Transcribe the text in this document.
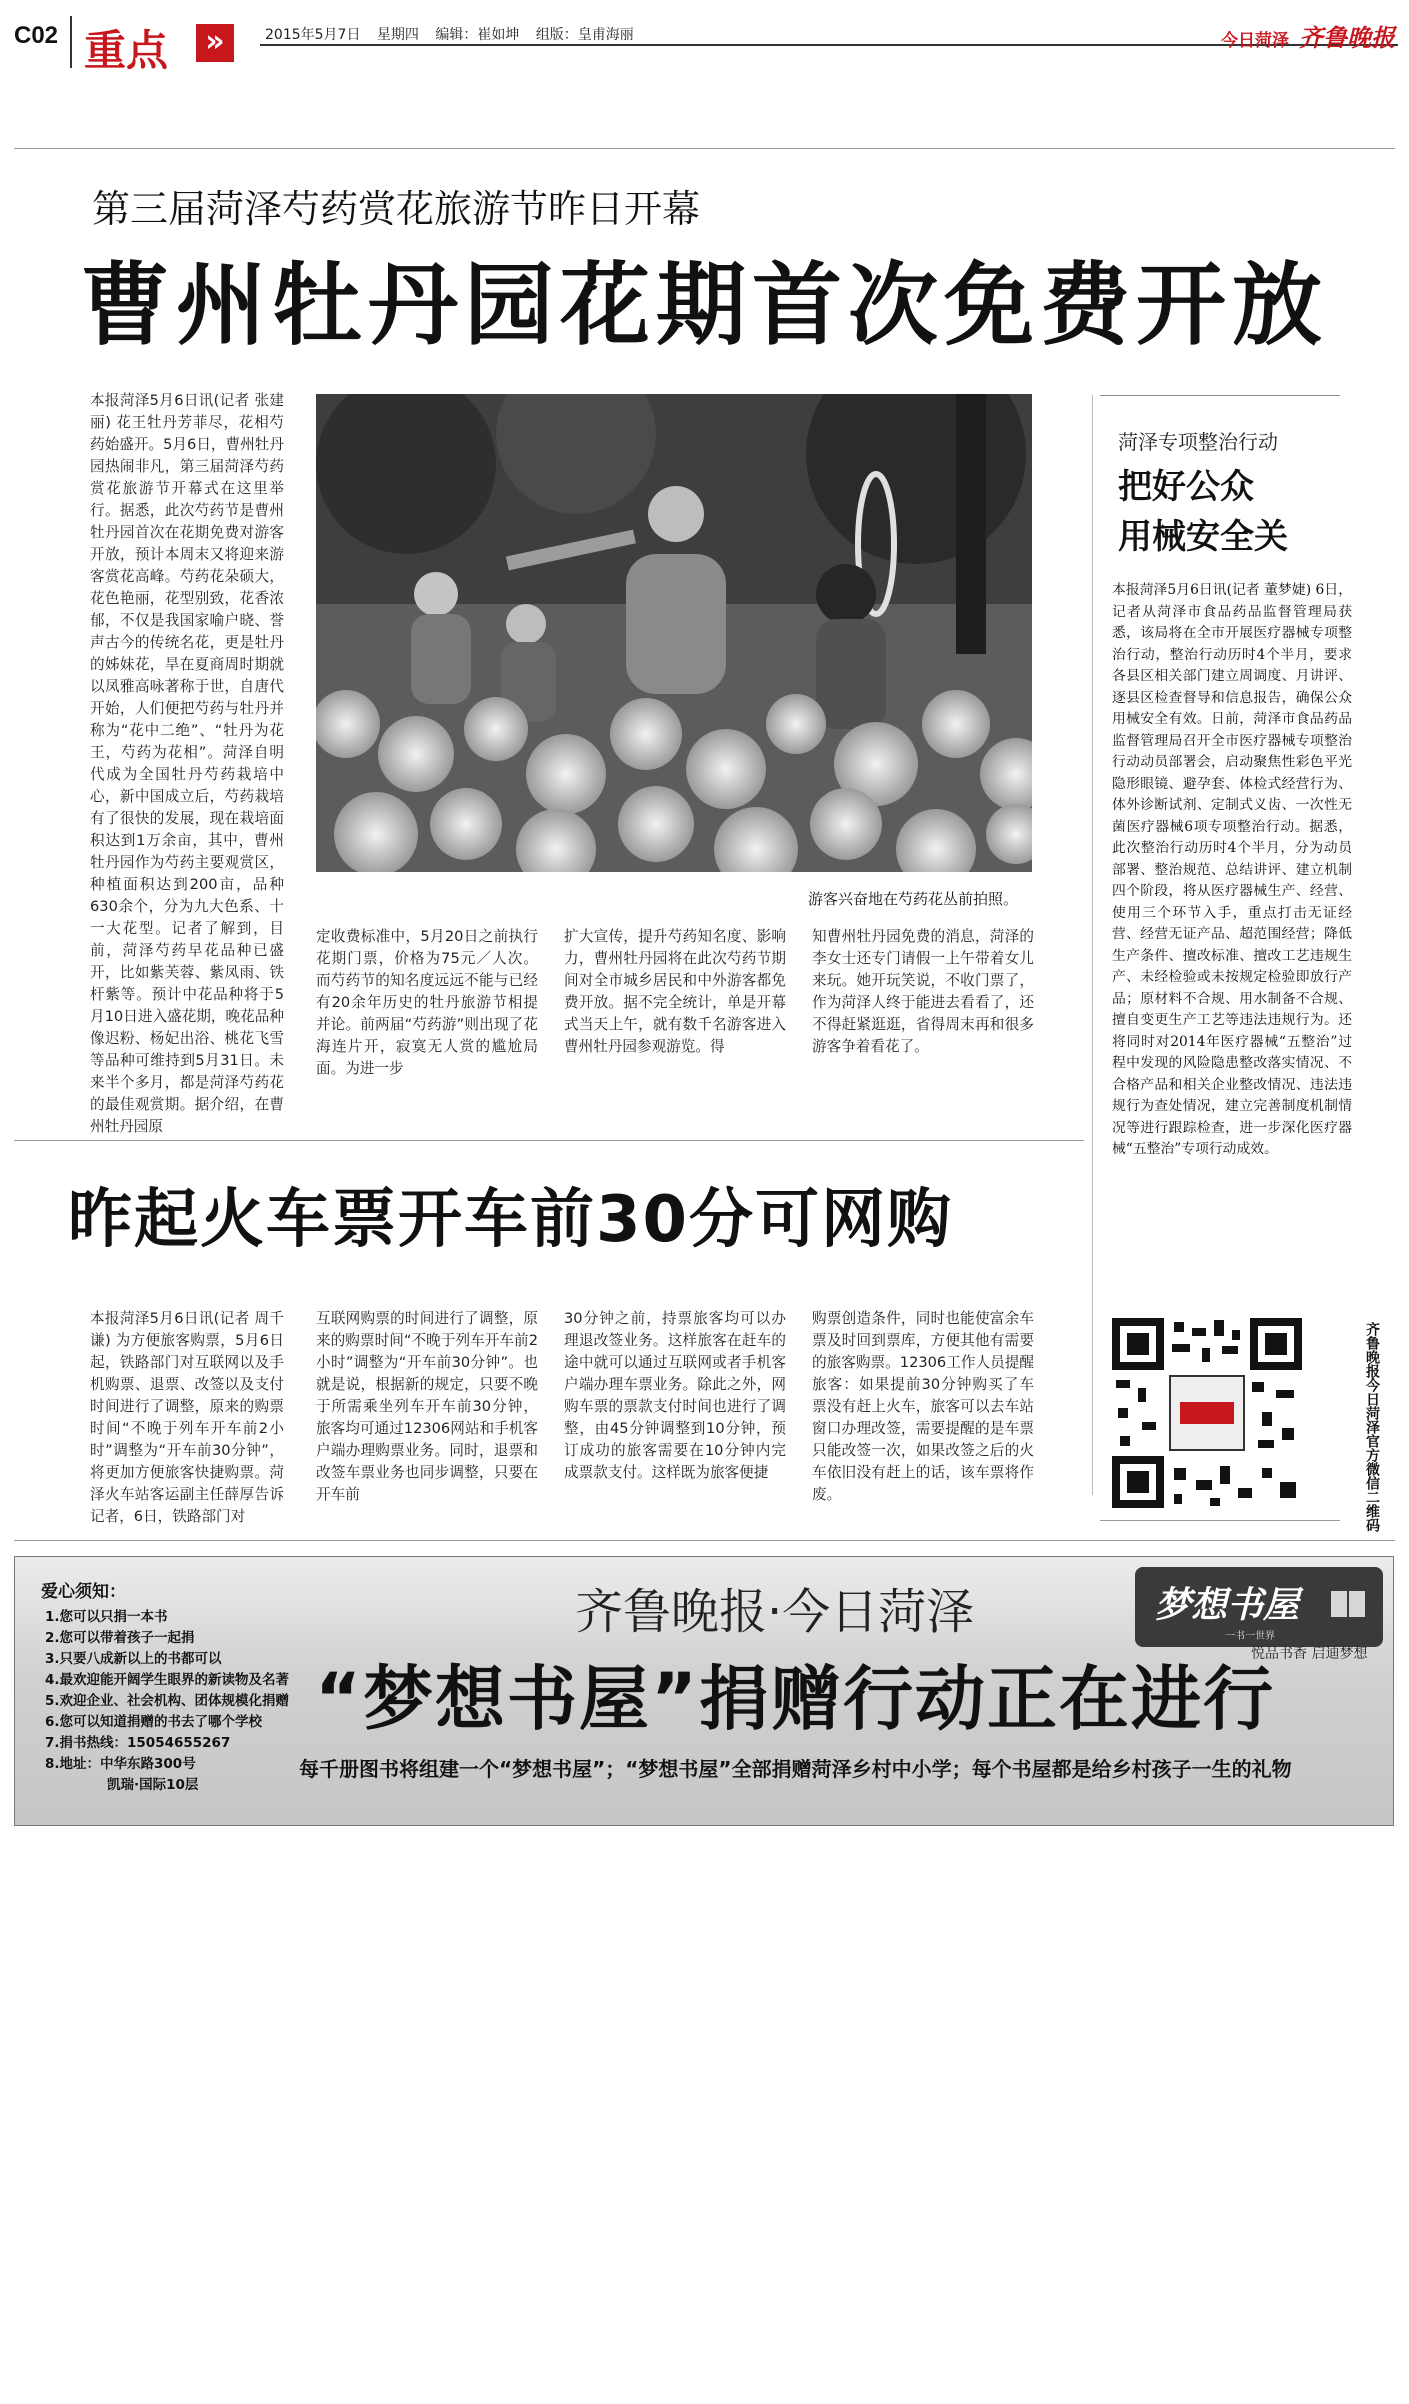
C02 重点	»	2015年5月7日 星期四 编辑：崔如坤 组版：皇甫海丽	今日菏泽 齐鲁晚报
第三届菏泽芍药赏花旅游节昨日开幕
曹州牡丹园花期首次免费开放
本报菏泽5月6日讯(记者 张建丽) 花王牡丹芳菲尽，花相芍药始盛开。5月6日，曹州牡丹园热闹非凡，第三届菏泽芍药赏花旅游节开幕式在这里举行。据悉，此次芍药节是曹州牡丹园首次在花期免费对游客开放，预计本周末又将迎来游客赏花高峰。芍药花朵硕大，花色艳丽，花型别致，花香浓郁，不仅是我国家喻户晓、誉声古今的传统名花，更是牡丹的姊妹花，旱在夏商周时期就以凤雅高咏著称于世，自唐代开始，人们便把芍药与牡丹并称为“花中二绝”、“牡丹为花王，芍药为花相”。菏泽自明代成为全国牡丹芍药栽培中心，新中国成立后，芍药栽培有了很快的发展，现在栽培面积达到1万余亩，其中，曹州牡丹园作为芍药主要观赏区，种植面积达到200亩，品种630余个，分为九大色系、十一大花型。记者了解到，目前，菏泽芍药早花品种已盛开，比如紫芙蓉、紫凤雨、铁杆紫等。预计中花品种将于5月10日进入盛花期，晚花品种像迟粉、杨妃出浴、桃花飞雪等品种可维持到5月31日。未来半个多月，都是菏泽芍药花的最佳观赏期。据介绍，在曹州牡丹园原
游客兴奋地在芍药花丛前拍照。
定收费标准中，5月20日之前执行花期门票，价格为75元／人次。而芍药节的知名度远远不能与已经有20余年历史的牡丹旅游节相提并论。前两届“芍药游”则出现了花海连片开，寂寞无人赏的尴尬局面。为进一步
扩大宣传，提升芍药知名度、影响力，曹州牡丹园将在此次芍药节期间对全市城乡居民和中外游客都免费开放。据不完全统计，单是开幕式当天上午，就有数千名游客进入曹州牡丹园参观游览。得
知曹州牡丹园免费的消息，菏泽的李女士还专门请假一上午带着女儿来玩。她开玩笑说，不收门票了，作为菏泽人终于能进去看看了，还不得赶紧逛逛，省得周末再和很多游客争着看花了。
菏泽专项整治行动
把好公众
用械安全关
本报菏泽5月6日讯(记者 董梦婕) 6日，记者从菏泽市食品药品监督管理局获悉，该局将在全市开展医疗器械专项整治行动，整治行动历时4个半月，要求各县区相关部门建立周调度、月讲评、逐县区检查督导和信息报告，确保公众用械安全有效。日前，菏泽市食品药品监督管理局召开全市医疗器械专项整治行动动员部署会，启动聚焦性彩色平光隐形眼镜、避孕套、体检式经营行为、体外诊断试剂、定制式义齿、一次性无菌医疗器械6项专项整治行动。据悉，此次整治行动历时4个半月，分为动员部署、整治规范、总结讲评、建立机制四个阶段，将从医疗器械生产、经营、使用三个环节入手，重点打击无证经营、经营无证产品、超范围经营；降低生产条件、擅改标准、擅改工艺违规生产、未经检验或未按规定检验即放行产品；原材料不合规、用水制备不合规、擅自变更生产工艺等违法违规行为。还将同时对2014年医疗器械“五整治”过程中发现的风险隐患整改落实情况、不合格产品和相关企业整改情况、违法违规行为查处情况，建立完善制度机制情况等进行跟踪检查，进一步深化医疗器械“五整治”专项行动成效。
昨起火车票开车前30分可网购
本报菏泽5月6日讯(记者 周千谦) 为方便旅客购票，5月6日起，铁路部门对互联网以及手机购票、退票、改签以及支付时间进行了调整，原来的购票时间“不晚于列车开车前2小时”调整为“开车前30分钟”，将更加方便旅客快捷购票。菏泽火车站客运副主任薛厚告诉记者，6日，铁路部门对
互联网购票的时间进行了调整，原来的购票时间“不晚于列车开车前2小时”调整为“开车前30分钟”。也就是说，根据新的规定，只要不晚于所需乘坐列车开车前30分钟，旅客均可通过12306网站和手机客户端办理购票业务。同时，退票和改签车票业务也同步调整，只要在开车前
30分钟之前，持票旅客均可以办理退改签业务。这样旅客在赶车的途中就可以通过互联网或者手机客户端办理车票业务。除此之外，网购车票的票款支付时间也进行了调整，由45分钟调整到10分钟，预订成功的旅客需要在10分钟内完成票款支付。这样既为旅客便捷
购票创造条件，同时也能使富余车票及时回到票库，方便其他有需要的旅客购票。12306工作人员提醒旅客：如果提前30分钟购买了车票没有赶上火车，旅客可以去车站窗口办理改签，需要提醒的是车票只能改签一次，如果改签之后的火车依旧没有赶上的话，该车票将作废。	齐鲁晚报今日菏泽官方微信二维码
爱心须知：
1.您可以只捐一本书
2.您可以带着孩子一起捐
3.只要八成新以上的书都可以
4.最欢迎能开阔学生眼界的新读物及名著
5.欢迎企业、社会机构、团体规模化捐赠
6.您可以知道捐赠的书去了哪个学校
7.捐书热线：15054655267
8.地址：中华东路300号
凯瑞·国际10层
齐鲁晚报·今日菏泽
“梦想书屋”捐赠行动正在进行
每千册图书将组建一个“梦想书屋”；“梦想书屋”全部捐赠菏泽乡村中小学；每个书屋都是给乡村孩子一生的礼物
梦想书屋
一书一世界
悦品书香 启迪梦想
